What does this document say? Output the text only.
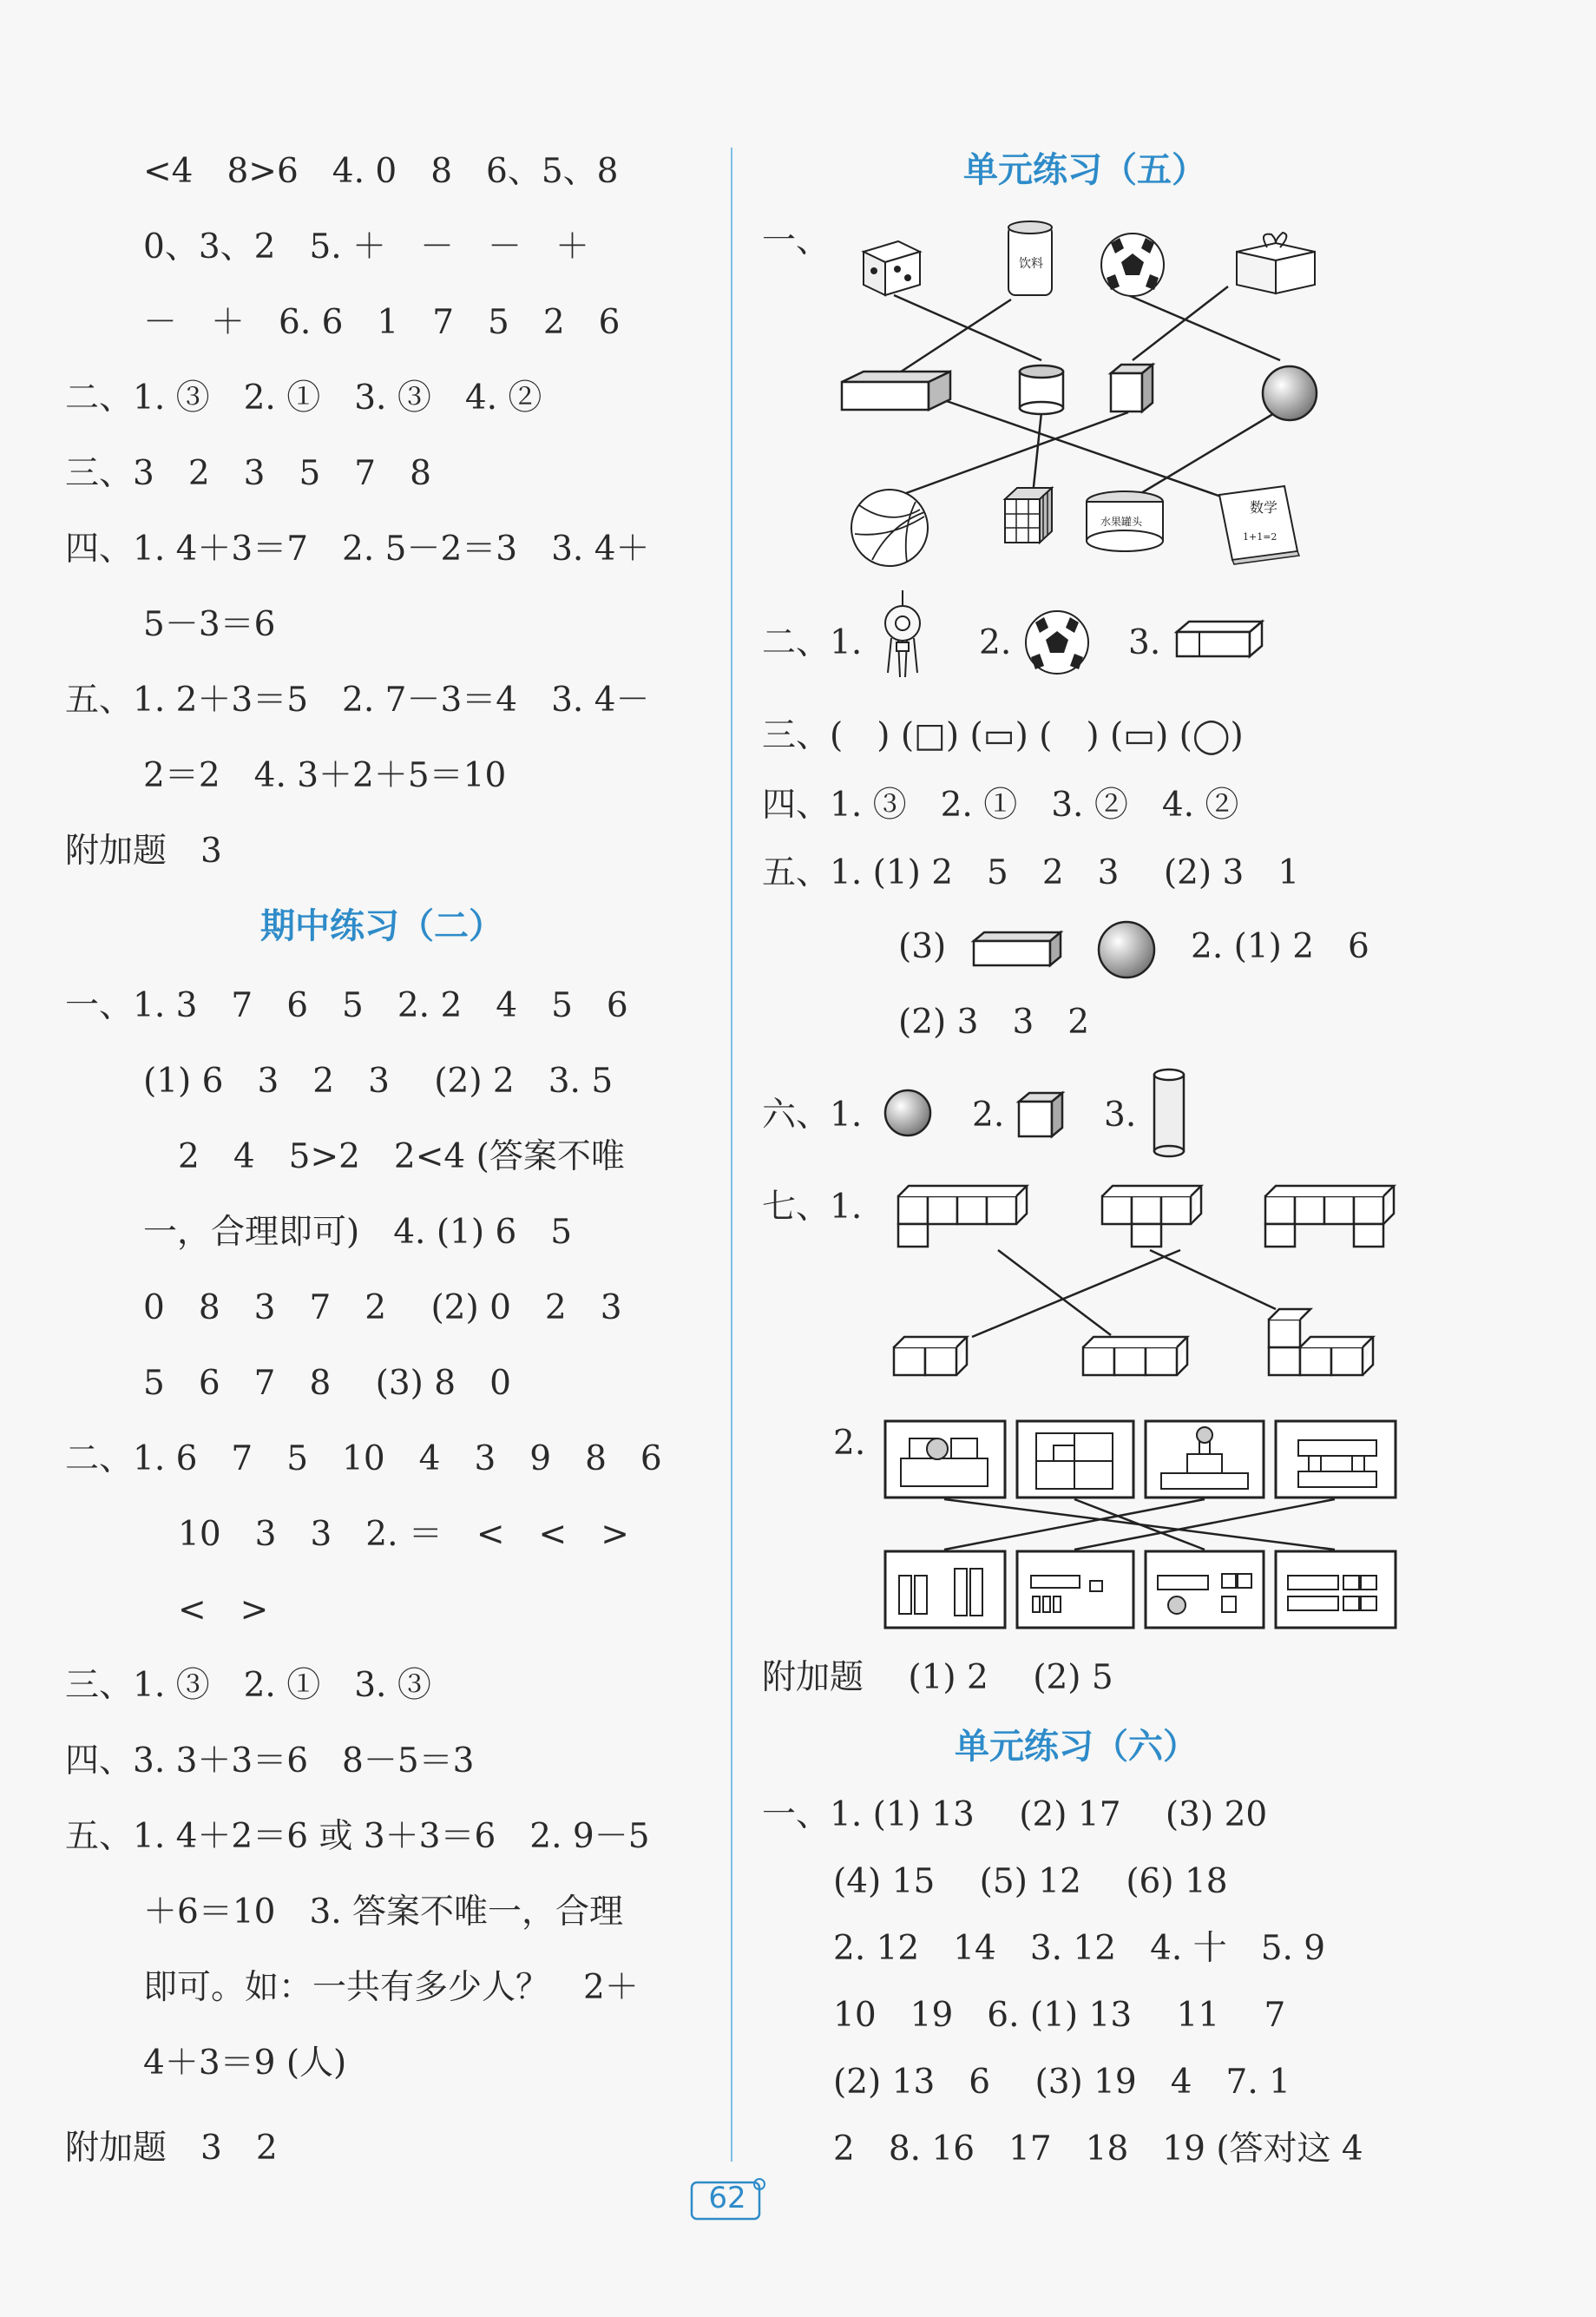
<4　8>6　4. 0　8　6、5、8
0、3、2　5. ＋　－　－　＋
－　＋　6. 6　1　7　5　2　6
二、1. ③　2. ①　3. ③　4. ②
三、3　2　3　5　7　8
四、1. 4＋3＝7　2. 5－2＝3　3. 4＋
5－3＝6
五、1. 2＋3＝5　2. 7－3＝4　3. 4－
2＝2　4. 3＋2＋5＝10
附加题　3
期中练习（二）
一、1. 3　7　6　5　2. 2　4　5　6
(1) 6　3　2　3　 (2) 2　3. 5
2　4　5>2　2<4 (答案不唯
一，合理即可)　4. (1) 6　5
0　8　3　7　2　 (2) 0　2　3
5　6　7　8　 (3) 8　0
二、1. 6　7　5　10　4　3　9　8　6
10　3　3　2. ＝　<　<　>
<　>
三、1. ③　2. ①　3. ③
四、3. 3＋3＝6　8－5＝3
五、1. 4＋2＝6 或 3＋3＝6　2. 9－5
＋6＝10　3. 答案不唯一，合理
即可。如：一共有多少人？　2＋
4＋3＝9 (人)
附加题　3　2
单元练习（五）
一、
饮料
水果罐头
数学
1+1=2
二、1.	2.	3.
三、(　) (□) (▭) (　) (▭) (◯)
四、1. ③　2. ①　3. ②　4. ②
五、1. (1) 2　5　2　3　 (2) 3　1
(3)	2. (1) 2　6
(2) 3　3　2
六、1.	2.	3.
七、1.
2.
附加题　 (1) 2　 (2) 5
单元练习（六）
一、1. (1) 13　 (2) 17　 (3) 20
(4) 15　 (5) 12　 (6) 18
2. 12　14　3. 12　4. 十　5. 9
10　19　6. (1) 13　 11　 7
(2) 13　6　 (3) 19　4　7. 1
2　8. 16　17　18　19 (答对这 4
62
